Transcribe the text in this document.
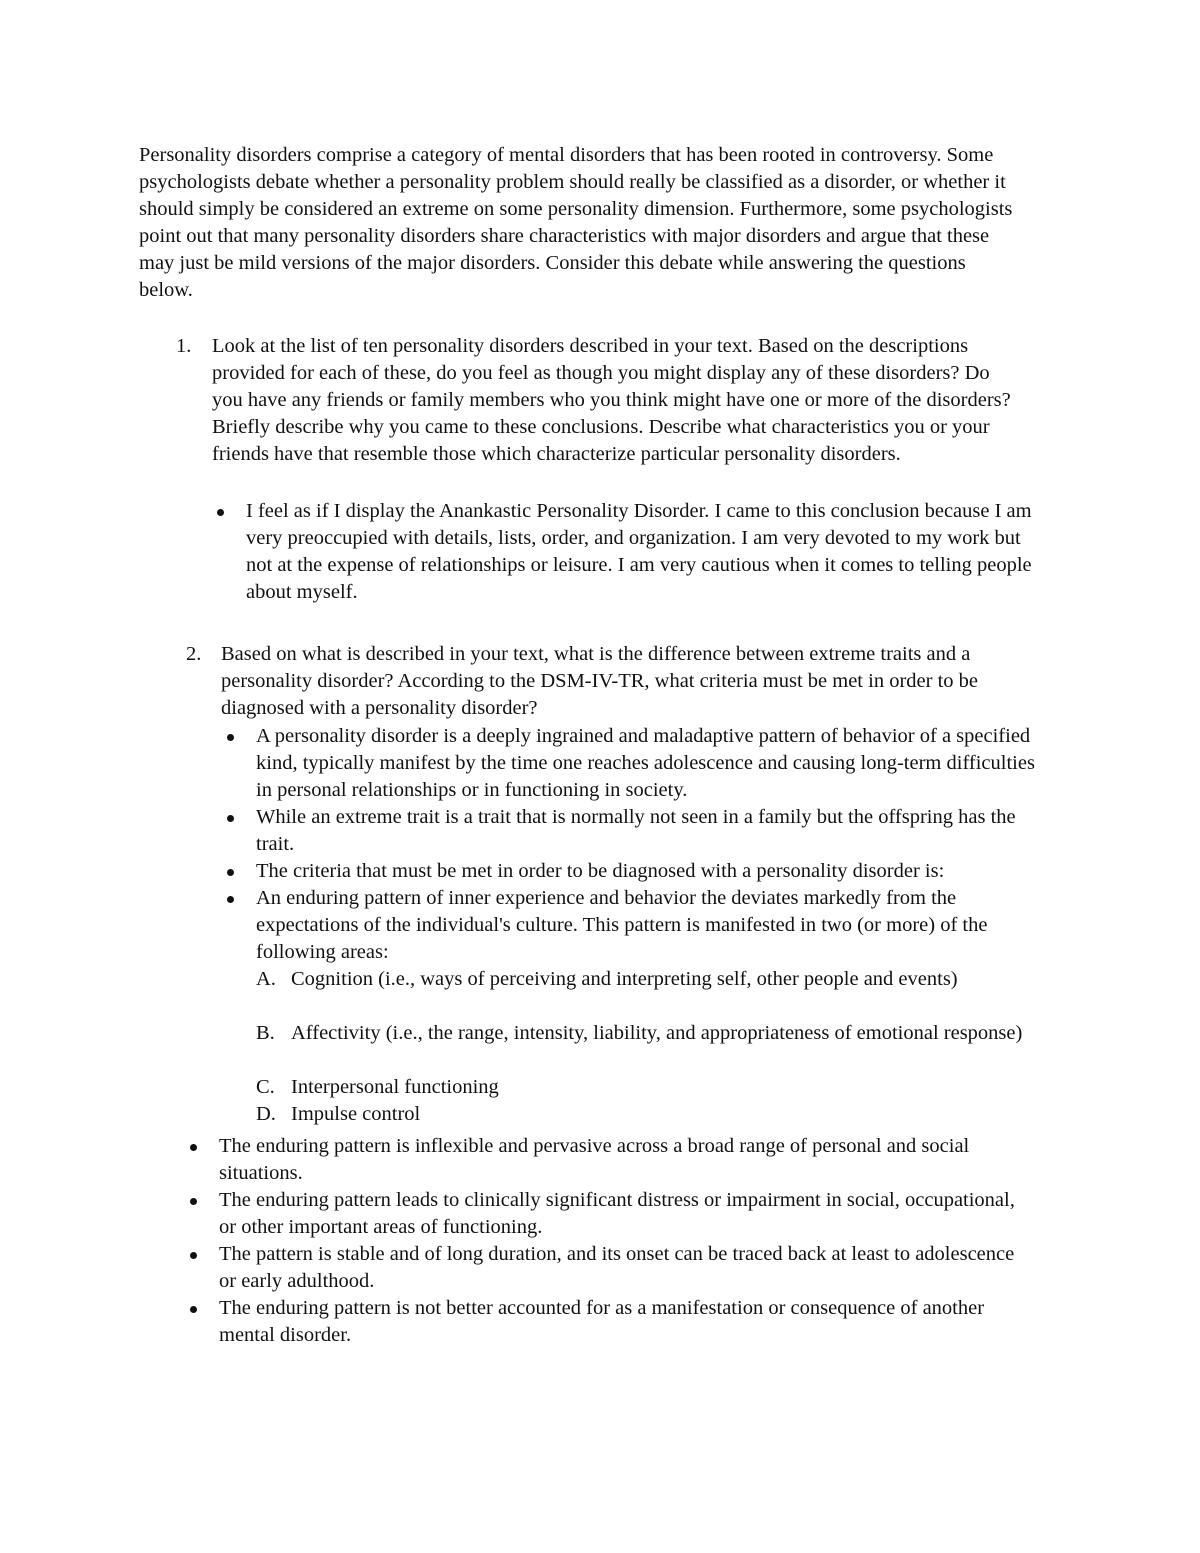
Personality disorders comprise a category of mental disorders that has been rooted in controversy. Some psychologists debate whether a personality problem should really be classified as a disorder, or whether it should simply be considered an extreme on some personality dimension. Furthermore, some psychologists point out that many personality disorders share characteristics with major disorders and argue that these may just be mild versions of the major disorders. Consider this debate while answering the questions below.

1. Look at the list of ten personality disorders described in your text. Based on the descriptions provided for each of these, do you feel as though you might display any of these disorders? Do you have any friends or family members who you think might have one or more of the disorders? Briefly describe why you came to these conclusions. Describe what characteristics you or your friends have that resemble those which characterize particular personality disorders.

I feel as if I display the Anankastic Personality Disorder. I came to this conclusion because I am very preoccupied with details, lists, order, and organization. I am very devoted to my work but not at the expense of relationships or leisure. I am very cautious when it comes to telling people about myself.

2. Based on what is described in your text, what is the difference between extreme traits and a personality disorder? According to the DSM-IV-TR, what criteria must be met in order to be diagnosed with a personality disorder?

A personality disorder is a deeply ingrained and maladaptive pattern of behavior of a specified kind, typically manifest by the time one reaches adolescence and causing long-term difficulties in personal relationships or in functioning in society.

While an extreme trait is a trait that is normally not seen in a family but the offspring has the trait.

The criteria that must be met in order to be diagnosed with a personality disorder is:

An enduring pattern of inner experience and behavior the deviates markedly from the expectations of the individual's culture. This pattern is manifested in two (or more) of the following areas:

A. Cognition (i.e., ways of perceiving and interpreting self, other people and events)

B. Affectivity (i.e., the range, intensity, liability, and appropriateness of emotional response)

C. Interpersonal functioning

D. Impulse control

The enduring pattern is inflexible and pervasive across a broad range of personal and social situations.

The enduring pattern leads to clinically significant distress or impairment in social, occupational, or other important areas of functioning.

The pattern is stable and of long duration, and its onset can be traced back at least to adolescence or early adulthood.

The enduring pattern is not better accounted for as a manifestation or consequence of another mental disorder.
